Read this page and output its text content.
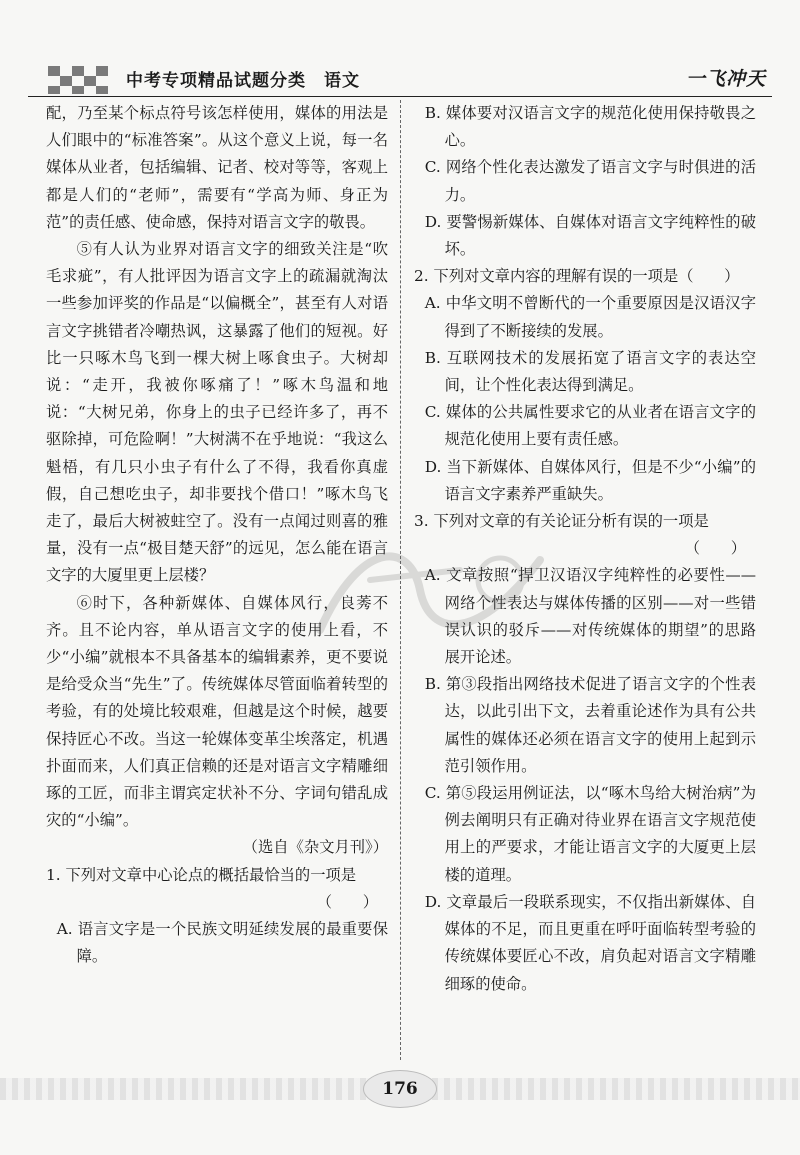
中考专项精品试题分类　语文	一飞冲天

配，乃至某个标点符号该怎样使用，媒体的用法是人们眼中的“标准答案”。从这个意义上说，每一名媒体从业者，包括编辑、记者、校对等等，客观上都是人们的“老师”，需要有“学高为师、身正为范”的责任感、使命感，保持对语言文字的敬畏。

⑤有人认为业界对语言文字的细致关注是“吹毛求疵”，有人批评因为语言文字上的疏漏就淘汰一些参加评奖的作品是“以偏概全”，甚至有人对语言文字挑错者冷嘲热讽，这暴露了他们的短视。好比一只啄木鸟飞到一棵大树上啄食虫子。大树却说：“走开，我被你啄痛了！”啄木鸟温和地说：“大树兄弟，你身上的虫子已经许多了，再不驱除掉，可危险啊！”大树满不在乎地说：“我这么魁梧，有几只小虫子有什么了不得，我看你真虚假，自己想吃虫子，却非要找个借口！”啄木鸟飞走了，最后大树被蛀空了。没有一点闻过则喜的雅量，没有一点“极目楚天舒”的远见，怎么能在语言文字的大厦里更上层楼？

⑥时下，各种新媒体、自媒体风行，良莠不齐。且不论内容，单从语言文字的使用上看，不少“小编”就根本不具备基本的编辑素养，更不要说是给受众当“先生”了。传统媒体尽管面临着转型的考验，有的处境比较艰难，但越是这个时候，越要保持匠心不改。当这一轮媒体变革尘埃落定，机遇扑面而来，人们真正信赖的还是对语言文字精雕细琢的工匠，而非主谓宾定状补不分、字词句错乱成灾的“小编”。

（选自《杂文月刊》）

1. 下列对文章中心论点的概括最恰当的一项是

（　　）

A. 语言文字是一个民族文明延续发展的最重要保障。

B. 媒体要对汉语言文字的规范化使用保持敬畏之心。

C. 网络个性化表达激发了语言文字与时俱进的活力。

D. 要警惕新媒体、自媒体对语言文字纯粹性的破坏。

2. 下列对文章内容的理解有误的一项是（　　）

A. 中华文明不曾断代的一个重要原因是汉语汉字得到了不断接续的发展。

B. 互联网技术的发展拓宽了语言文字的表达空间，让个性化表达得到满足。

C. 媒体的公共属性要求它的从业者在语言文字的规范化使用上要有责任感。

D. 当下新媒体、自媒体风行，但是不少“小编”的语言文字素养严重缺失。

3. 下列对文章的有关论证分析有误的一项是

（　　）

A. 文章按照“捍卫汉语汉字纯粹性的必要性——网络个性表达与媒体传播的区别——对一些错误认识的驳斥——对传统媒体的期望”的思路展开论述。

B. 第③段指出网络技术促进了语言文字的个性表达，以此引出下文，去着重论述作为具有公共属性的媒体还必须在语言文字的使用上起到示范引领作用。

C. 第⑤段运用例证法，以“啄木鸟给大树治病”为例去阐明只有正确对待业界在语言文字规范使用上的严要求，才能让语言文字的大厦更上层楼的道理。

D. 文章最后一段联系现实，不仅指出新媒体、自媒体的不足，而且更重在呼吁面临转型考验的传统媒体要匠心不改，肩负起对语言文字精雕细琢的使命。

176
